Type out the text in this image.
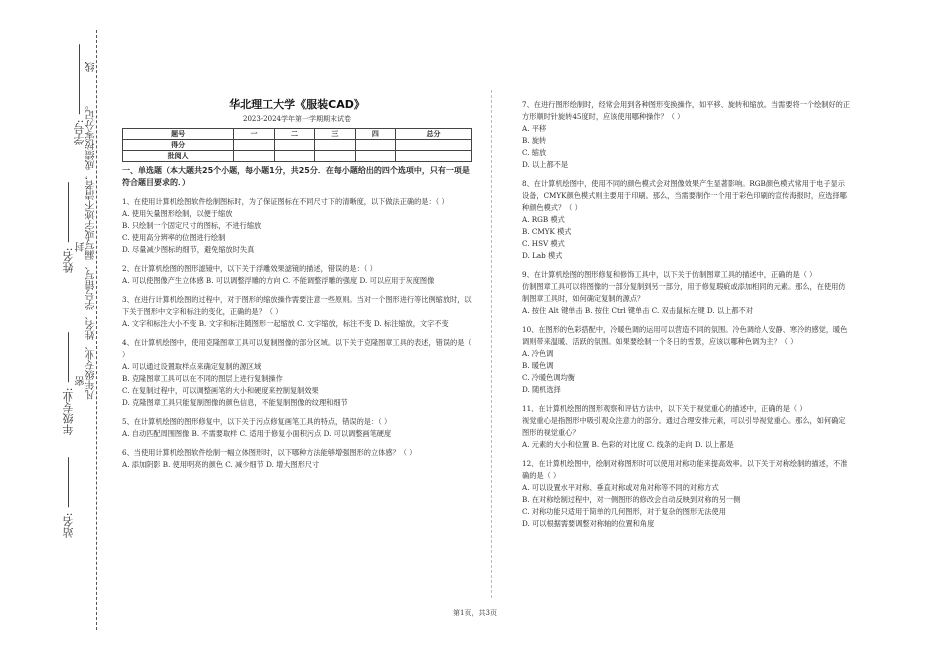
学号: 凡年级专业、姓名、学号错写、漏写或字迹不清者，成绩按零分记。
姓名:
封
年级专业:
密
站名:
线
华北理工大学《服装CAD》
2023-2024学年第一学期期末试卷
题号	一	二	三	四	总分
得分					
批阅人					
一、单选题（本大题共25个小题，每小题1分，共25分．在每小题给出的四个选项中，只有一项是符合题目要求的．）

1、在使用计算机绘图软件绘制图标时，为了保证图标在不同尺寸下的清晰度，以下做法正确的是：（ ）

A. 使用矢量图形绘制，以便于缩放

B. 只绘制一个固定尺寸的图标，不进行缩放

C. 使用高分辨率的位图进行绘制

D. 尽量减少图标的细节，避免缩放时失真

2、在计算机绘图的图形滤镜中，以下关于浮雕效果滤镜的描述，错误的是：（ ）

A. 可以使图像产生立体感 B. 可以调整浮雕的方向 C. 不能调整浮雕的强度 D. 可以应用于灰度图像

3、在进行计算机绘图的过程中，对于图形的缩放操作需要注意一些原则。当对一个图形进行等比例缩放时，以下关于图形中文字和标注的变化，正确的是？（ ）

A. 文字和标注大小不变 B. 文字和标注随图形一起缩放 C. 文字缩放，标注不变 D. 标注缩放，文字不变

4、在计算机绘图中，使用克隆图章工具可以复制图像的部分区域。以下关于克隆图章工具的表述，错误的是（ ）

A. 可以通过设置取样点来确定复制的源区域

B. 克隆图章工具可以在不同的图层上进行复制操作

C. 在复制过程中，可以调整画笔的大小和硬度来控制复制效果

D. 克隆图章工具只能复制图像的颜色信息，不能复制图像的纹理和细节

5、在计算机绘图的图形修复中，以下关于污点修复画笔工具的特点，错误的是：（ ）

A. 自动匹配周围图像 B. 不需要取样 C. 适用于修复小面积污点 D. 可以调整画笔硬度

6、当使用计算机绘图软件绘制一幅立体图形时，以下哪种方法能够增强图形的立体感？（ ）

A. 添加阴影 B. 使用明亮的颜色 C. 减少细节 D. 增大图形尺寸

7、在进行图形绘制时，经常会用到各种图形变换操作，如平移、旋转和缩放。当需要将一个绘制好的正方形顺时针旋转45度时，应该使用哪种操作？（ ）

A. 平移

B. 旋转

C. 缩放

D. 以上都不是

8、在计算机绘图中，使用不同的颜色模式会对图像效果产生显著影响。RGB颜色模式常用于电子显示设备，CMYK颜色模式则主要用于印刷。那么，当需要制作一个用于彩色印刷的宣传海报时，应选择哪种颜色模式？（ ）

A. RGB 模式

B. CMYK 模式

C. HSV 模式

D. Lab 模式

9、在计算机绘图的图形修复和修饰工具中，以下关于仿制图章工具的描述中，正确的是（ ）

仿制图章工具可以将图像的一部分复制到另一部分，用于修复瑕疵或添加相同的元素。那么，在使用仿制图章工具时，如何确定复制的源点？

A. 按住 Alt 键单击 B. 按住 Ctrl 键单击 C. 双击鼠标左键 D. 以上都不对

10、在图形的色彩搭配中，冷暖色调的运用可以营造不同的氛围。冷色调给人安静、寒冷的感觉，暖色调则带来温暖、活跃的氛围。如果要绘制一个冬日的雪景，应该以哪种色调为主？（ ）

A. 冷色调

B. 暖色调

C. 冷暖色调均衡

D. 随机选择

11、在计算机绘图的图形观察和评估方法中，以下关于视觉重心的描述中，正确的是（ ）

视觉重心是指图形中吸引观众注意力的部分。通过合理安排元素，可以引导视觉重心。那么，如何确定图形的视觉重心？

A. 元素的大小和位置 B. 色彩的对比度 C. 线条的走向 D. 以上都是

12、在计算机绘图中，绘制对称图形时可以使用对称功能来提高效率。以下关于对称绘制的描述，不准确的是（ ）

A. 可以设置水平对称、垂直对称或对角对称等不同的对称方式

B. 在对称绘制过程中，对一侧图形的修改会自动反映到对称的另一侧

C. 对称功能只适用于简单的几何图形，对于复杂的图形无法使用

D. 可以根据需要调整对称轴的位置和角度

第1页，共3页
